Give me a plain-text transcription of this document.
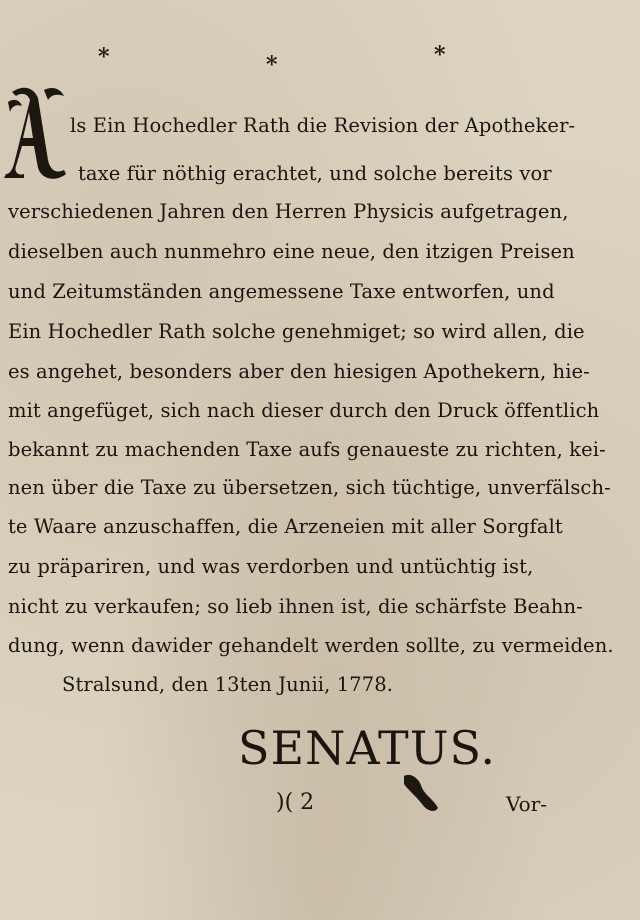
*	*	*
ls Ein Hochedler Rath die Revision der Apotheker-
taxe für nöthig erachtet, und solche bereits vor
verschiedenen Jahren den Herren Physicis aufgetragen,
dieselben auch nunmehro eine neue, den itzigen Preisen
und Zeitumständen angemessene Taxe entworfen, und
Ein Hochedler Rath solche genehmiget; so wird allen, die
es angehet, besonders aber den hiesigen Apothekern, hie-
mit angefüget, sich nach dieser durch den Druck öffentlich
bekannt zu machenden Taxe aufs genaueste zu richten, kei-
nen über die Taxe zu übersetzen, sich tüchtige, unverfälsch-
te Waare anzuschaffen, die Arzeneien mit aller Sorgfalt
zu präpariren, und was verdorben und untüchtig ist,
nicht zu verkaufen; so lieb ihnen ist, die schärfste Beahn-
dung, wenn dawider gehandelt werden sollte, zu vermeiden.
Stralsund, den 13ten Junii, 1778.
SENATUS.
)( 2	Vor-
